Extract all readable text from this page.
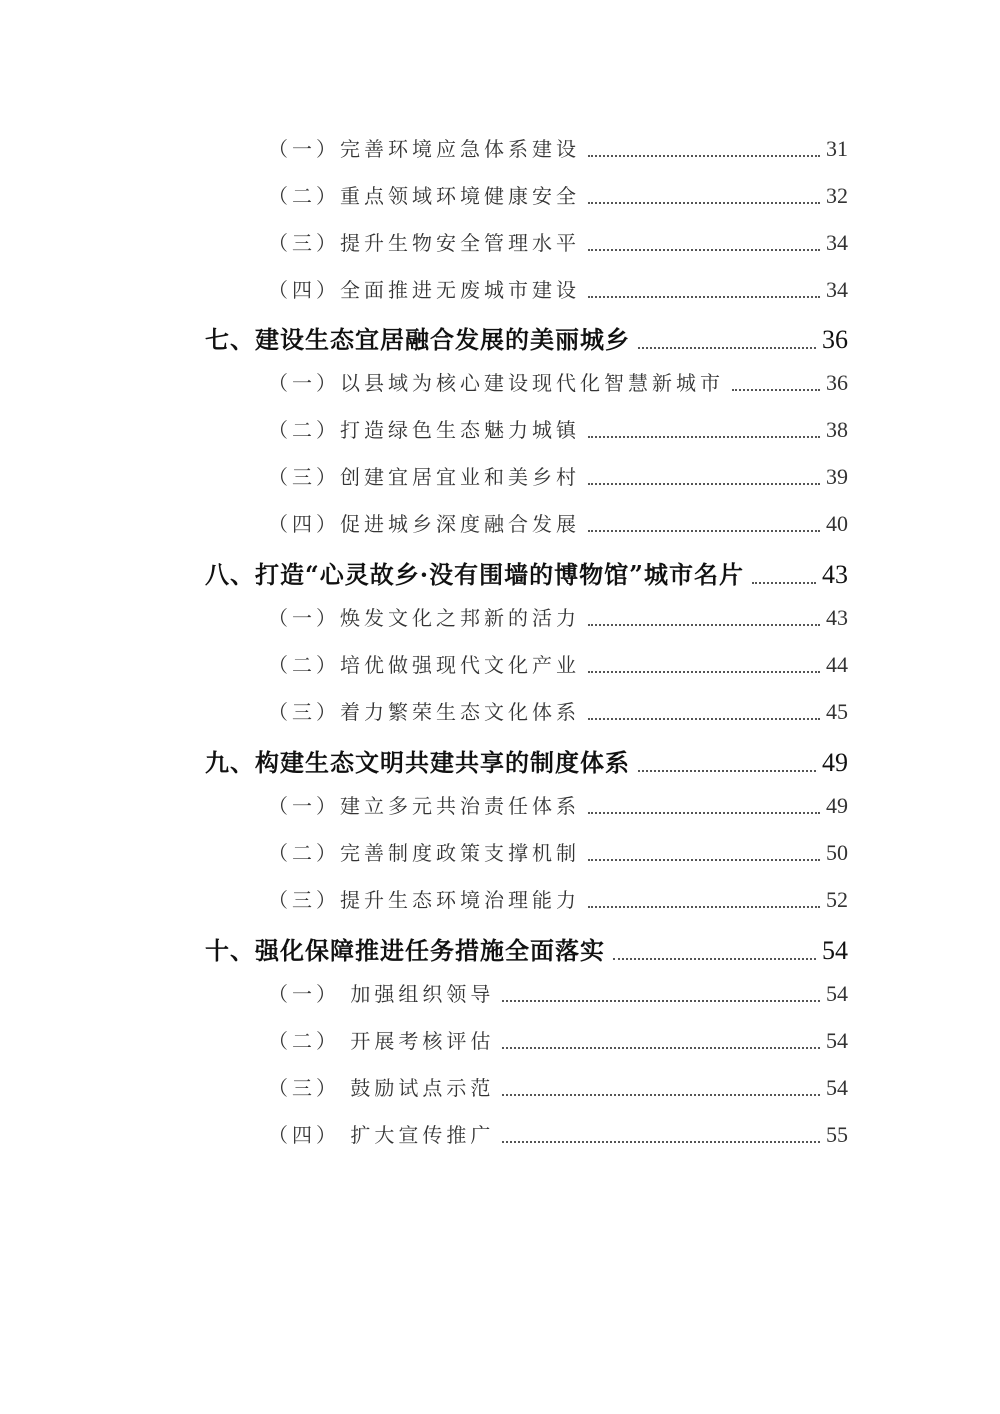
（一）完善环境应急体系建设	31
（二）重点领域环境健康安全	32
（三）提升生物安全管理水平	34
（四）全面推进无废城市建设	34
七、建设生态宜居融合发展的美丽城乡	36
（一）以县域为核心建设现代化智慧新城市	36
（二）打造绿色生态魅力城镇	38
（三）创建宜居宜业和美乡村	39
（四）促进城乡深度融合发展	40
八、打造“心灵故乡·没有围墙的博物馆”城市名片	43
（一）焕发文化之邦新的活力	43
（二）培优做强现代文化产业	44
（三）着力繁荣生态文化体系	45
九、构建生态文明共建共享的制度体系	49
（一）建立多元共治责任体系	49
（二）完善制度政策支撑机制	50
（三）提升生态环境治理能力	52
十、强化保障推进任务措施全面落实	54
（一） 加强组织领导	54
（二） 开展考核评估	54
（三） 鼓励试点示范	54
（四） 扩大宣传推广	55
